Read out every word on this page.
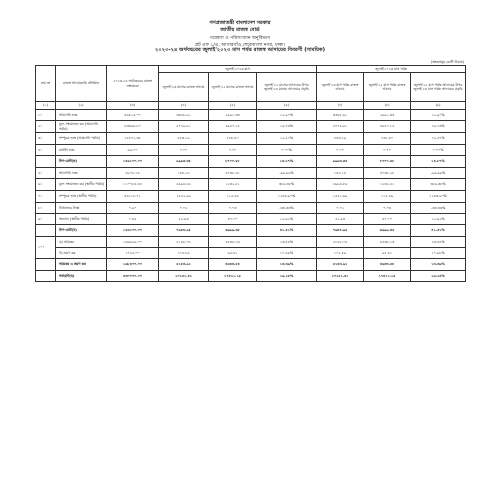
গণপ্রজাতন্ত্রী বাংলাদেশ সরকার
জাতীয় রাজস্ব বোর্ড
গবেষণা ও পরিসংখ্যান অনুবিভাগ
প্লট এফ ১/এ, আগারগাঁও,শেরেবাংলা নগর, ঢাকা।
২০২৩-২৪ অর্থবছরের জুলাই'২০২৩ মাস পর্যন্ত রাজস্ব আদায়ের বিবরণী (সাময়িক)
(অংকসমূহ কোটি টাকায়)
ক্রম নং	রাজস্ব আদায়কারি প্রতিষ্ঠান	২০২৩-২৪ অর্থবছরের রাজস্ব লক্ষ্যমাত্রা	জুলাই'২০২৩ মাস			জুলাই'২০২৩ মাস পর্যন্ত		
			জুলাই'২৩ মাসের রাজস্ব আদায়	জুলাই'২২ মাসের রাজস্ব আদায়	জুলাই'২২ মাসের আদায়ের উপর জুলাই'২৩ মাসের আদায়ের প্রবৃদ্ধি	জুলাই'২৩ মাস পর্যন্ত রাজস্ব আদায়	জুলাই'২২ মাস পর্যন্ত রাজস্ব আদায়	জুলাই'২২ মাস পর্যন্ত আদায়ের উপর জুলাই'২৩ মাস পর্যন্ত আদায়ের প্রবৃদ্ধি
(১)	(২)	(৩)	(৪)	(৫)	(৬)	(৭)	(৮)	(৯)
১।	আমদানি শুল্ক	৪৬৮১৫.০০	৩৩৫৮.৯১	২৯৯১.৩৩	১২.৯০%	৩৩৫৮.৯১	২৯৯১.৩৩	১২.৯০%
২।	মূল্য সংযোজন কর (আমদানি পর্যায়)	৮৩৩৯৪.৮০	৫৭৭৯.৯১	৪৯৫০.১৫	১৬.৭৩%	৫৭৭৯.৯১	৪৯৫০.১৫	১৬.৭৩%
৩।	সম্পূরক শুল্ক (আমদানি পর্যায়)	১৫৮৭১.৩৫	৮৫৩.১৯	৭৫৮.৪০	১২.৫৭%	৮৫৩.১৯	৭৫৮.৪০	১২.৫৭%
৪।	রপ্তানি শুল্ক	৬৯.০০	০.০০	০.৭০	০.০০%	০.০০	০.৭০	০.০০%
	উপ-মোট(ক)	১৪৬১০০.০০	৯৯৯৩.৩৫	৮৭০০.৫৮	১৪.৮৭%	৯৯৯৩.৩৫	৮৭০০.৫৮	১৪.৮৭%
৫।	আবগারি শুল্ক	৩২০৮.১৪	১৪৪.১৮	৪৭৩৮.২৮	-৯৬.৯৬%	১৪৪.১৮	৪৭৩৮.২৮	-৯৬.৯৬%
৬।	মূল্য সংযোজন কর (স্থানীয় পর্যায়)	১১০৭৮৫.৪৪	৫৯৯৪.৮৬	১২৩২.৫১	৩৮৬.৩৮%	৫৯৯৪.৮৬	১২৩২.৫১	৩৮৬.৩৮%
৭।	সম্পূরক শুল্ক (স্থানীয় পর্যায়)	৪৬১১৮.৭১	১৫৫২.৯৯	১১৫.৫৬	১২৪৩.৯০%	১৫৫২.৯৯	১১৫.৫৬	১২৪৩.৯০%
৮।	টার্নওভার ট্যাক্স	০.৯০	০.০২	০.০৩	-৩৩.৩৩%	০.০২	০.০৩	-৩৩.৩৩%
৯।	অন্যান্য (স্থানীয় পর্যায়)	০.৬৫	৫২.৯৩	৪৭.০০	১২.৬২%	৫২.৯৩	৪৭.০০	১২.৬২%
	উপ-মোট(খ)	১৫৩১০০.০০	৭৬৪৪.৯৫	৬৬৯৯.৩৫	৪১.৫১%	৭৬৪৪.৯৫	৬৬৯৯.৩৫	৪১.৫১%
১০।	ক) আয়কর	১৬৬৬২৯.০০	৫১৪৮.০৪	৪৫৩৮.১৩	১৩.৪৪%	৫১৪৮.০৪	৪৫৩৮.১৩	১৩.৪৪%
	খ) ভ্রমণ কর	১৭৫৫.০০	১০৫.৮৯	৯৫.৪১	১০.৯৮%	১০৫.৮৯	৯৫.৪১	১০.৯৮%
	আয়কর ও ভ্রমণ কর	১৬৮৪০০.০০	৫২৫৩.৯২	৪৬৩৩.৫৪	১৩.৩৯%	৫২৫৩.৯২	৪৬৩৩.৫৪	১৩.৩৯%
	সর্বমোট(ঘ)	৪৩০০০০.০০	২০২৫১.৪২	১৭৪২১.১৫	১৬.২৫%	২০২৫১.৪২	১৭৪২১.১৫	১৬.২৫%
